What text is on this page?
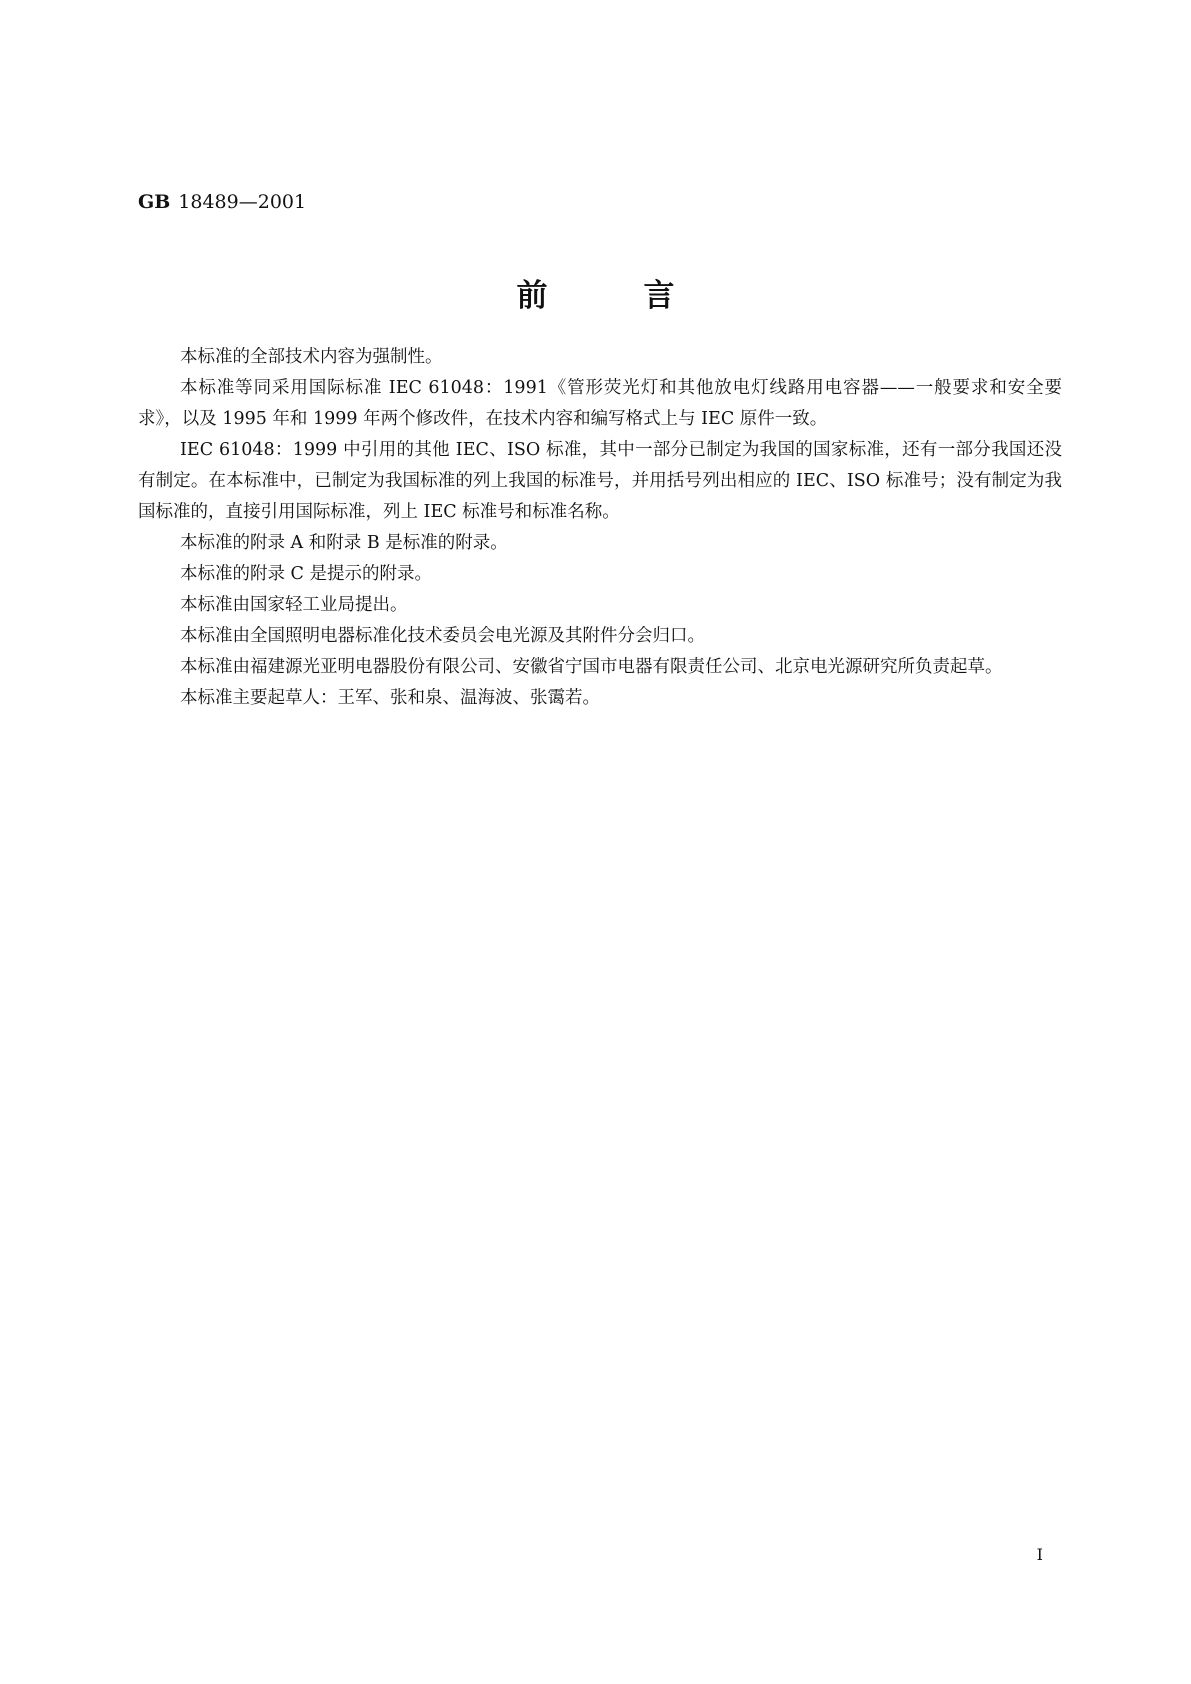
GB 18489—2001
前	言

本标准的全部技术内容为强制性。

本标准等同采用国际标准 IEC 61048：1991《管形荧光灯和其他放电灯线路用电容器——一般要求和安全要求》，以及 1995 年和 1999 年两个修改件，在技术内容和编写格式上与 IEC 原件一致。

IEC 61048：1999 中引用的其他 IEC、ISO 标准，其中一部分已制定为我国的国家标准，还有一部分我国还没有制定。在本标准中，已制定为我国标准的列上我国的标准号，并用括号列出相应的 IEC、ISO 标准号；没有制定为我国标准的，直接引用国际标准，列上 IEC 标准号和标准名称。

本标准的附录 A 和附录 B 是标准的附录。

本标准的附录 C 是提示的附录。

本标准由国家轻工业局提出。

本标准由全国照明电器标准化技术委员会电光源及其附件分会归口。

本标准由福建源光亚明电器股份有限公司、安徽省宁国市电器有限责任公司、北京电光源研究所负责起草。

本标准主要起草人：王军、张和泉、温海波、张霭若。

I
